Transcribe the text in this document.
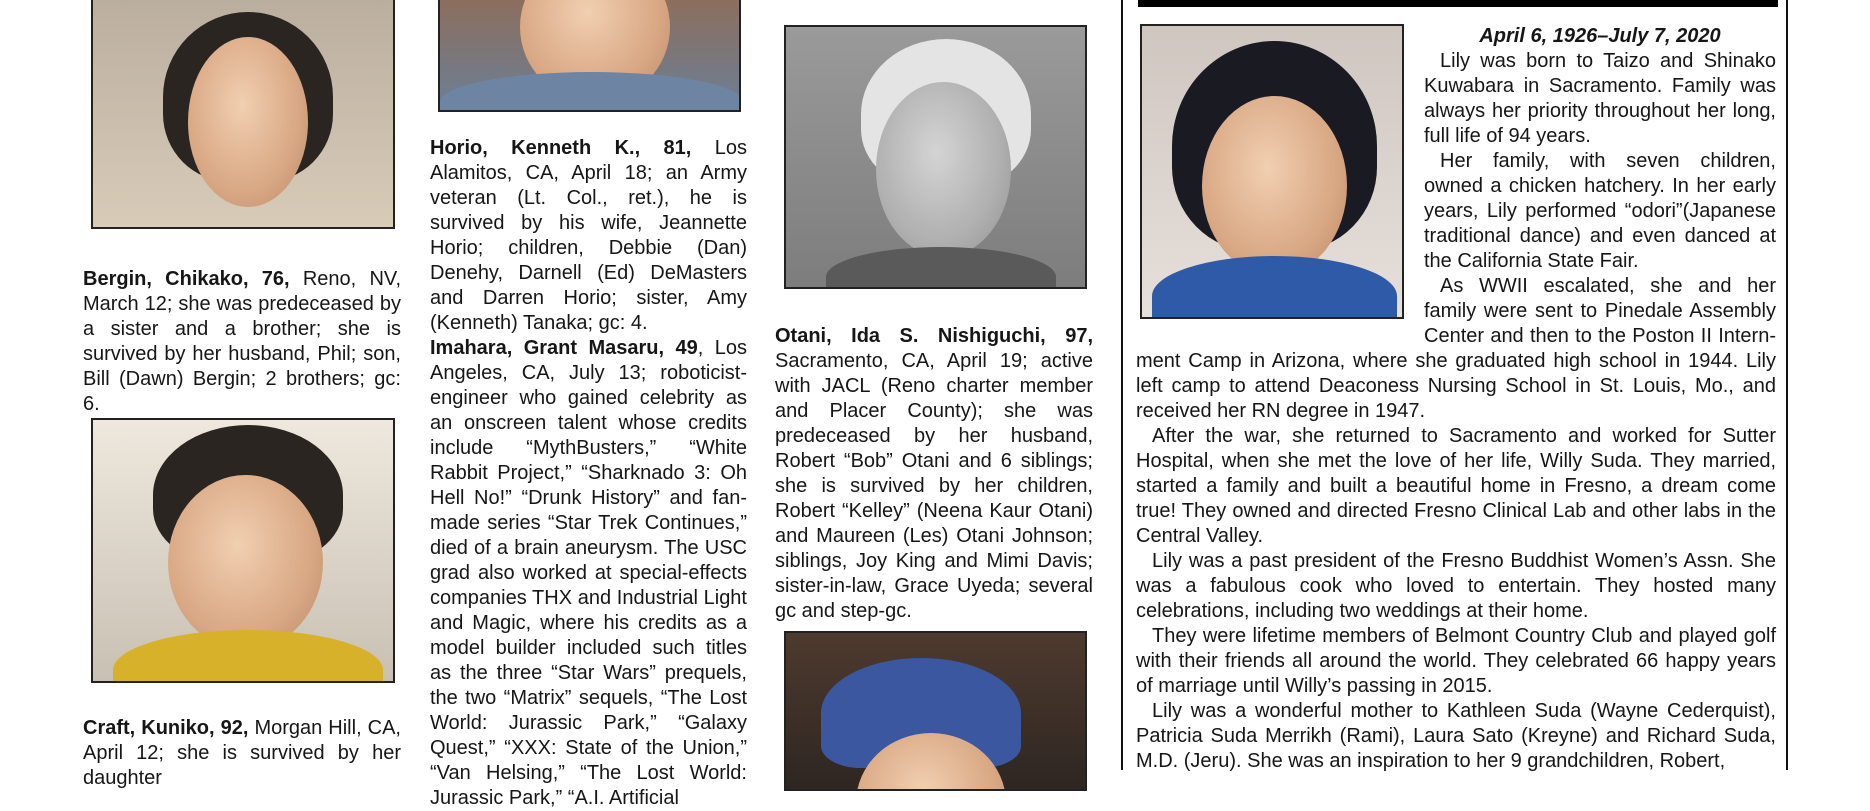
Bergin, Chikako, 76, Reno, NV, March 12; she was predeceased by a sister and a brother; she is survived by her husband, Phil; son, Bill (Dawn) Bergin; 2 brothers; gc: 6.

Craft, Kuniko, 92, Morgan Hill, CA, April 12; she is survived by her daughter

Horio, Kenneth K., 81, Los Alamitos, CA, April 18; an Army veteran (Lt. Col., ret.), he is survived by his wife, Jeannette Horio; children, Debbie (Dan) Denehy, Darnell (Ed) DeMasters and Darren Horio; sister, Amy (Kenneth) Tanaka; gc: 4.

Imahara, Grant Masaru, 49, Los Angeles, CA, July 13; roboticist-engineer who gained celebrity as an onscreen talent whose credits include “MythBusters,” “White Rabbit Project,” “Sharknado 3: Oh Hell No!” “Drunk History” and fan-made series “Star Trek Continues,” died of a brain aneurysm. The USC grad also worked at special-effects companies THX and Industrial Light and Magic, where his credits as a model builder included such titles as the three “Star Wars” prequels, the two “Matrix” sequels, “The Lost World: Jurassic Park,” “Galaxy Quest,” “XXX: State of the Union,” “Van Helsing,” “The Lost World: Jurassic Park,” “A.I. Artificial

Otani, Ida S. Nishiguchi, 97, Sacramento, CA, April 19; active with JACL (Reno charter member and Placer County); she was predeceased by her husband, Robert “Bob” Otani and 6 siblings; she is survived by her children, Robert “Kelley” (Neena Kaur Otani) and Maureen (Les) Otani Johnson; siblings, Joy King and Mimi Davis; sister-in-law, Grace Uyeda; several gc and step-gc.

April 6, 1926–July 7, 2020

Lily was born to Taizo and Shinako Kuwabara in Sacramento. Family was always her priority throughout her long, full life of 94 years.

Her family, with seven children, owned a chicken hatchery. In her early years, Lily performed “odori”(Japanese traditional dance) and even danced at the California State Fair.

As WWII escalated, she and her family were sent to Pinedale Assembly Center and then to the Poston II Intern-

ment Camp in Arizona, where she graduated high school in 1944. Lily left camp to attend Deaconess Nursing School in St. Louis, Mo., and received her RN degree in 1947.

After the war, she returned to Sacramento and worked for Sutter Hospital, when she met the love of her life, Willy Suda. They married, started a family and built a beautiful home in Fresno, a dream come true! They owned and directed Fresno Clinical Lab and other labs in the Central Valley.

Lily was a past president of the Fresno Buddhist Women’s Assn. She was a fabulous cook who loved to entertain. They hosted many celebrations, including two weddings at their home.

They were lifetime members of Belmont Country Club and played golf with their friends all around the world. They celebrated 66 happy years of marriage until Willy’s passing in 2015.

Lily was a wonderful mother to Kathleen Suda (Wayne Cederquist), Patricia Suda Merrikh (Rami), Laura Sato (Kreyne) and Richard Suda, M.D. (Jeru). She was an inspiration to her 9 grandchildren, Robert,
